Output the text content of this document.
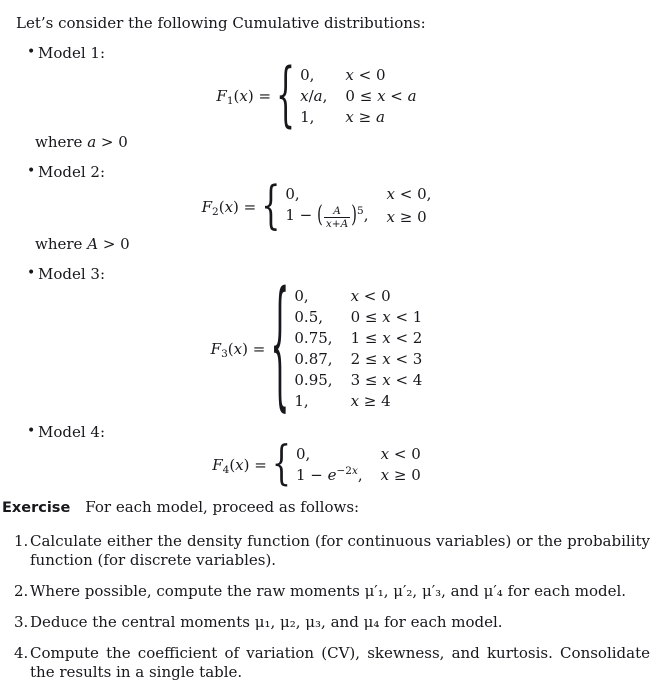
Let’s consider the following Cumulative distributions:

• Model 1:
$F_1(x)$ = { 0,	x < 0
x/a, 0 ≤ x < a
1,	x ≥ a
where a > 0
• Model 2:
$F_2(x)$ = { 0,	x < 0,
1 − ( $\frac{A}{x+A} )^5$, x ≥ 0
where A > 0
• Model 3:
$F_3(x)$ = { 0,	x < 0
0.5,	0 ≤ x < 1
0.75, 1 ≤ x < 2
0.87, 2 ≤ x < 3
0.95, 3 ≤ x < 4
1,	x ≥ 4
• Model 4:
$F_4(x)$ = { 0,	x < 0
$1 - e^{-2x}$, x ≥ 0
Exercise For each model, proceed as follows:
1. Calculate either the density function (for continuous variables) or the probability function (for discrete variables).
2. Where possible, compute the raw moments μ′₁, μ′₂, μ′₃, and μ′₄ for each model.
3. Deduce the central moments μ₁, μ₂, μ₃, and μ₄ for each model.
4. Compute the coefficient of variation (CV), skewness, and kurtosis. Consolidate the results in a single table.
